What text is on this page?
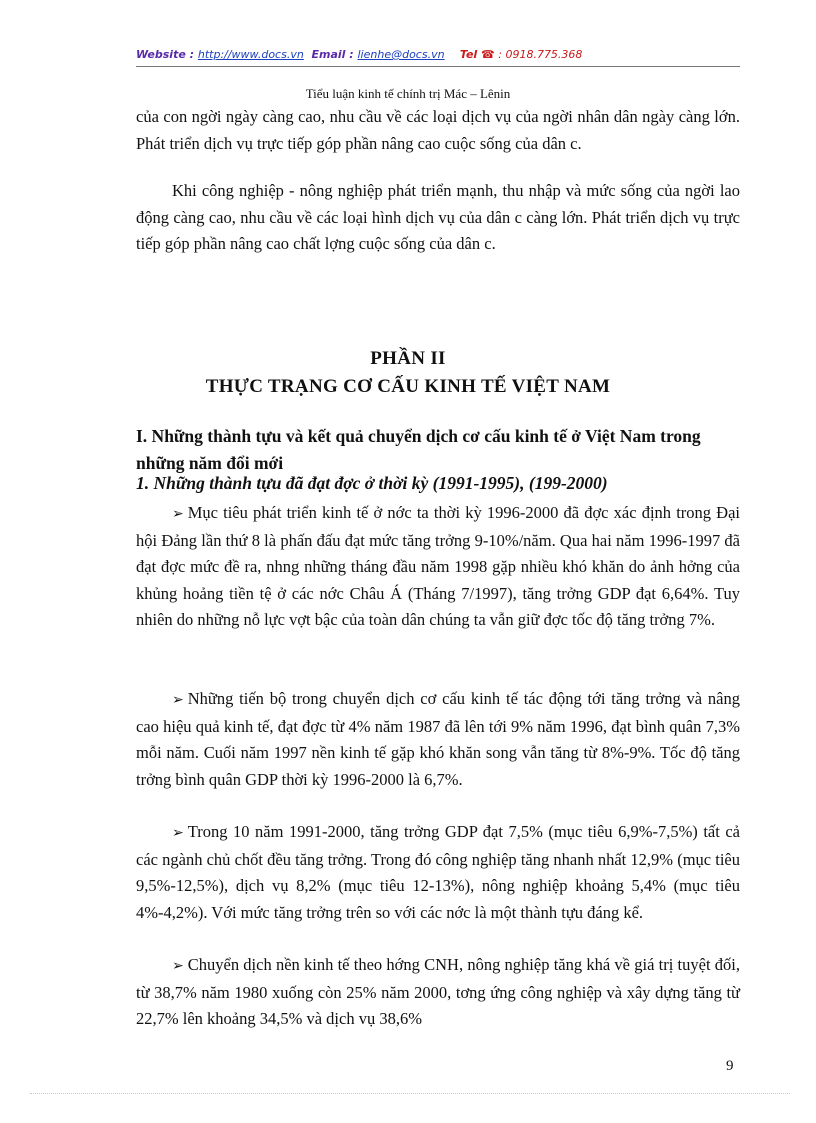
Website : http://www.docs.vn Email : lienhe@docs.vn Tel ☎ : 0918.775.368
Tiểu luận kinh tế chính trị Mác – Lênin
của con ngời ngày càng cao, nhu cầu về các loại dịch vụ của ngời nhân dân ngày càng lớn. Phát triển dịch vụ trực tiếp góp phần nâng cao cuộc sống của dân c.
Khi công nghiệp - nông nghiệp phát triển mạnh, thu nhập và mức sống của ngời lao động càng cao, nhu cầu về các loại hình dịch vụ của dân c càng lớn. Phát triển dịch vụ trực tiếp góp phần nâng cao chất lợng cuộc sống của dân c.
PHẦN II
THỰC TRẠNG CƠ CẤU KINH TẾ VIỆT NAM
I. Những thành tựu và kết quả chuyển dịch cơ cấu kinh tế ở Việt Nam trong những năm đổi mới
1. Những thành tựu đã đạt đợc ở thời kỳ (1991-1995), (199-2000)
➢ Mục tiêu phát triển kinh tế ở nớc ta thời kỳ 1996-2000 đã đợc xác định trong Đại hội Đảng lần thứ 8 là phấn đấu đạt mức tăng trởng 9-10%/năm. Qua hai năm 1996-1997 đã đạt đợc mức đề ra, nhng những tháng đầu năm 1998 gặp nhiều khó khăn do ảnh hởng của khủng hoảng tiền tệ ở các nớc Châu Á (Tháng 7/1997), tăng trởng GDP đạt 6,64%. Tuy nhiên do những nỗ lực vợt bậc của toàn dân chúng ta vẫn giữ đợc tốc độ tăng trởng 7%.
➢ Những tiến bộ trong chuyển dịch cơ cấu kinh tế tác động tới tăng trởng và nâng cao hiệu quả kinh tế, đạt đợc từ 4% năm 1987 đã lên tới 9% năm 1996, đạt bình quân 7,3% mỗi năm. Cuối năm 1997 nền kinh tế gặp khó khăn song vẫn tăng từ 8%-9%. Tốc độ tăng trởng bình quân GDP thời kỳ 1996-2000 là 6,7%.
➢ Trong 10 năm 1991-2000, tăng trởng GDP đạt 7,5% (mục tiêu 6,9%-7,5%) tất cả các ngành chủ chốt đều tăng trởng. Trong đó công nghiệp tăng nhanh nhất 12,9% (mục tiêu 9,5%-12,5%), dịch vụ 8,2% (mục tiêu 12-13%), nông nghiệp khoảng 5,4% (mục tiêu 4%-4,2%). Với mức tăng trởng trên so với các nớc là một thành tựu đáng kể.
➢ Chuyển dịch nền kinh tế theo hớng CNH, nông nghiệp tăng khá về giá trị tuyệt đối, từ 38,7% năm 1980 xuống còn 25% năm 2000, tơng ứng công nghiệp và xây dựng tăng từ 22,7% lên khoảng 34,5% và dịch vụ 38,6%
9
